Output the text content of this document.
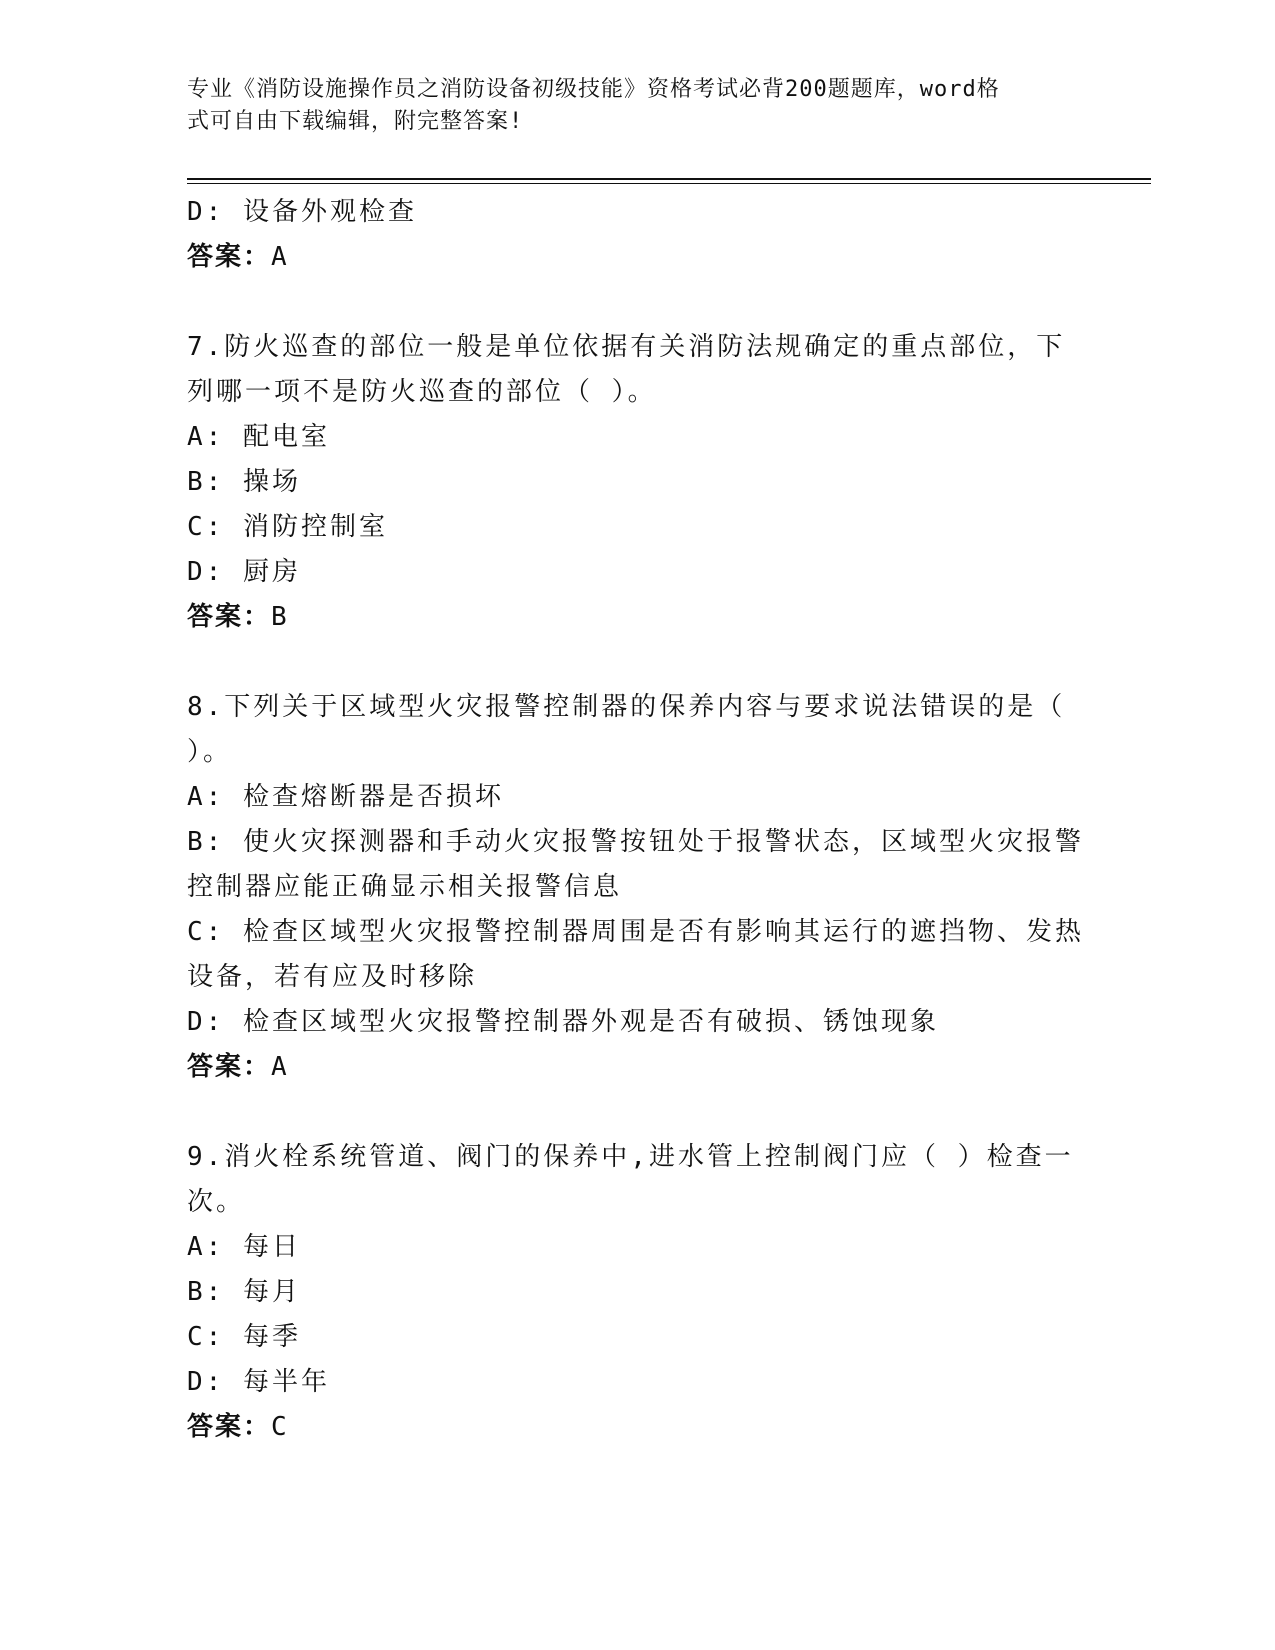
专业《消防设施操作员之消防设备初级技能》资格考试必背200题题库，word格
式可自由下载编辑，附完整答案!
D: 设备外观检查
答案：A
7.防火巡查的部位一般是单位依据有关消防法规确定的重点部位，下
列哪一项不是防火巡查的部位（ ）。
A: 配电室
B: 操场
C: 消防控制室
D: 厨房
答案：B
8.下列关于区域型火灾报警控制器的保养内容与要求说法错误的是（
）。
A: 检查熔断器是否损坏
B: 使火灾探测器和手动火灾报警按钮处于报警状态，区域型火灾报警
控制器应能正确显示相关报警信息
C: 检查区域型火灾报警控制器周围是否有影响其运行的遮挡物、发热
设备，若有应及时移除
D: 检查区域型火灾报警控制器外观是否有破损、锈蚀现象
答案：A
9.消火栓系统管道、阀门的保养中,进水管上控制阀门应（ ）检查一
次。
A: 每日
B: 每月
C: 每季
D: 每半年
答案：C
